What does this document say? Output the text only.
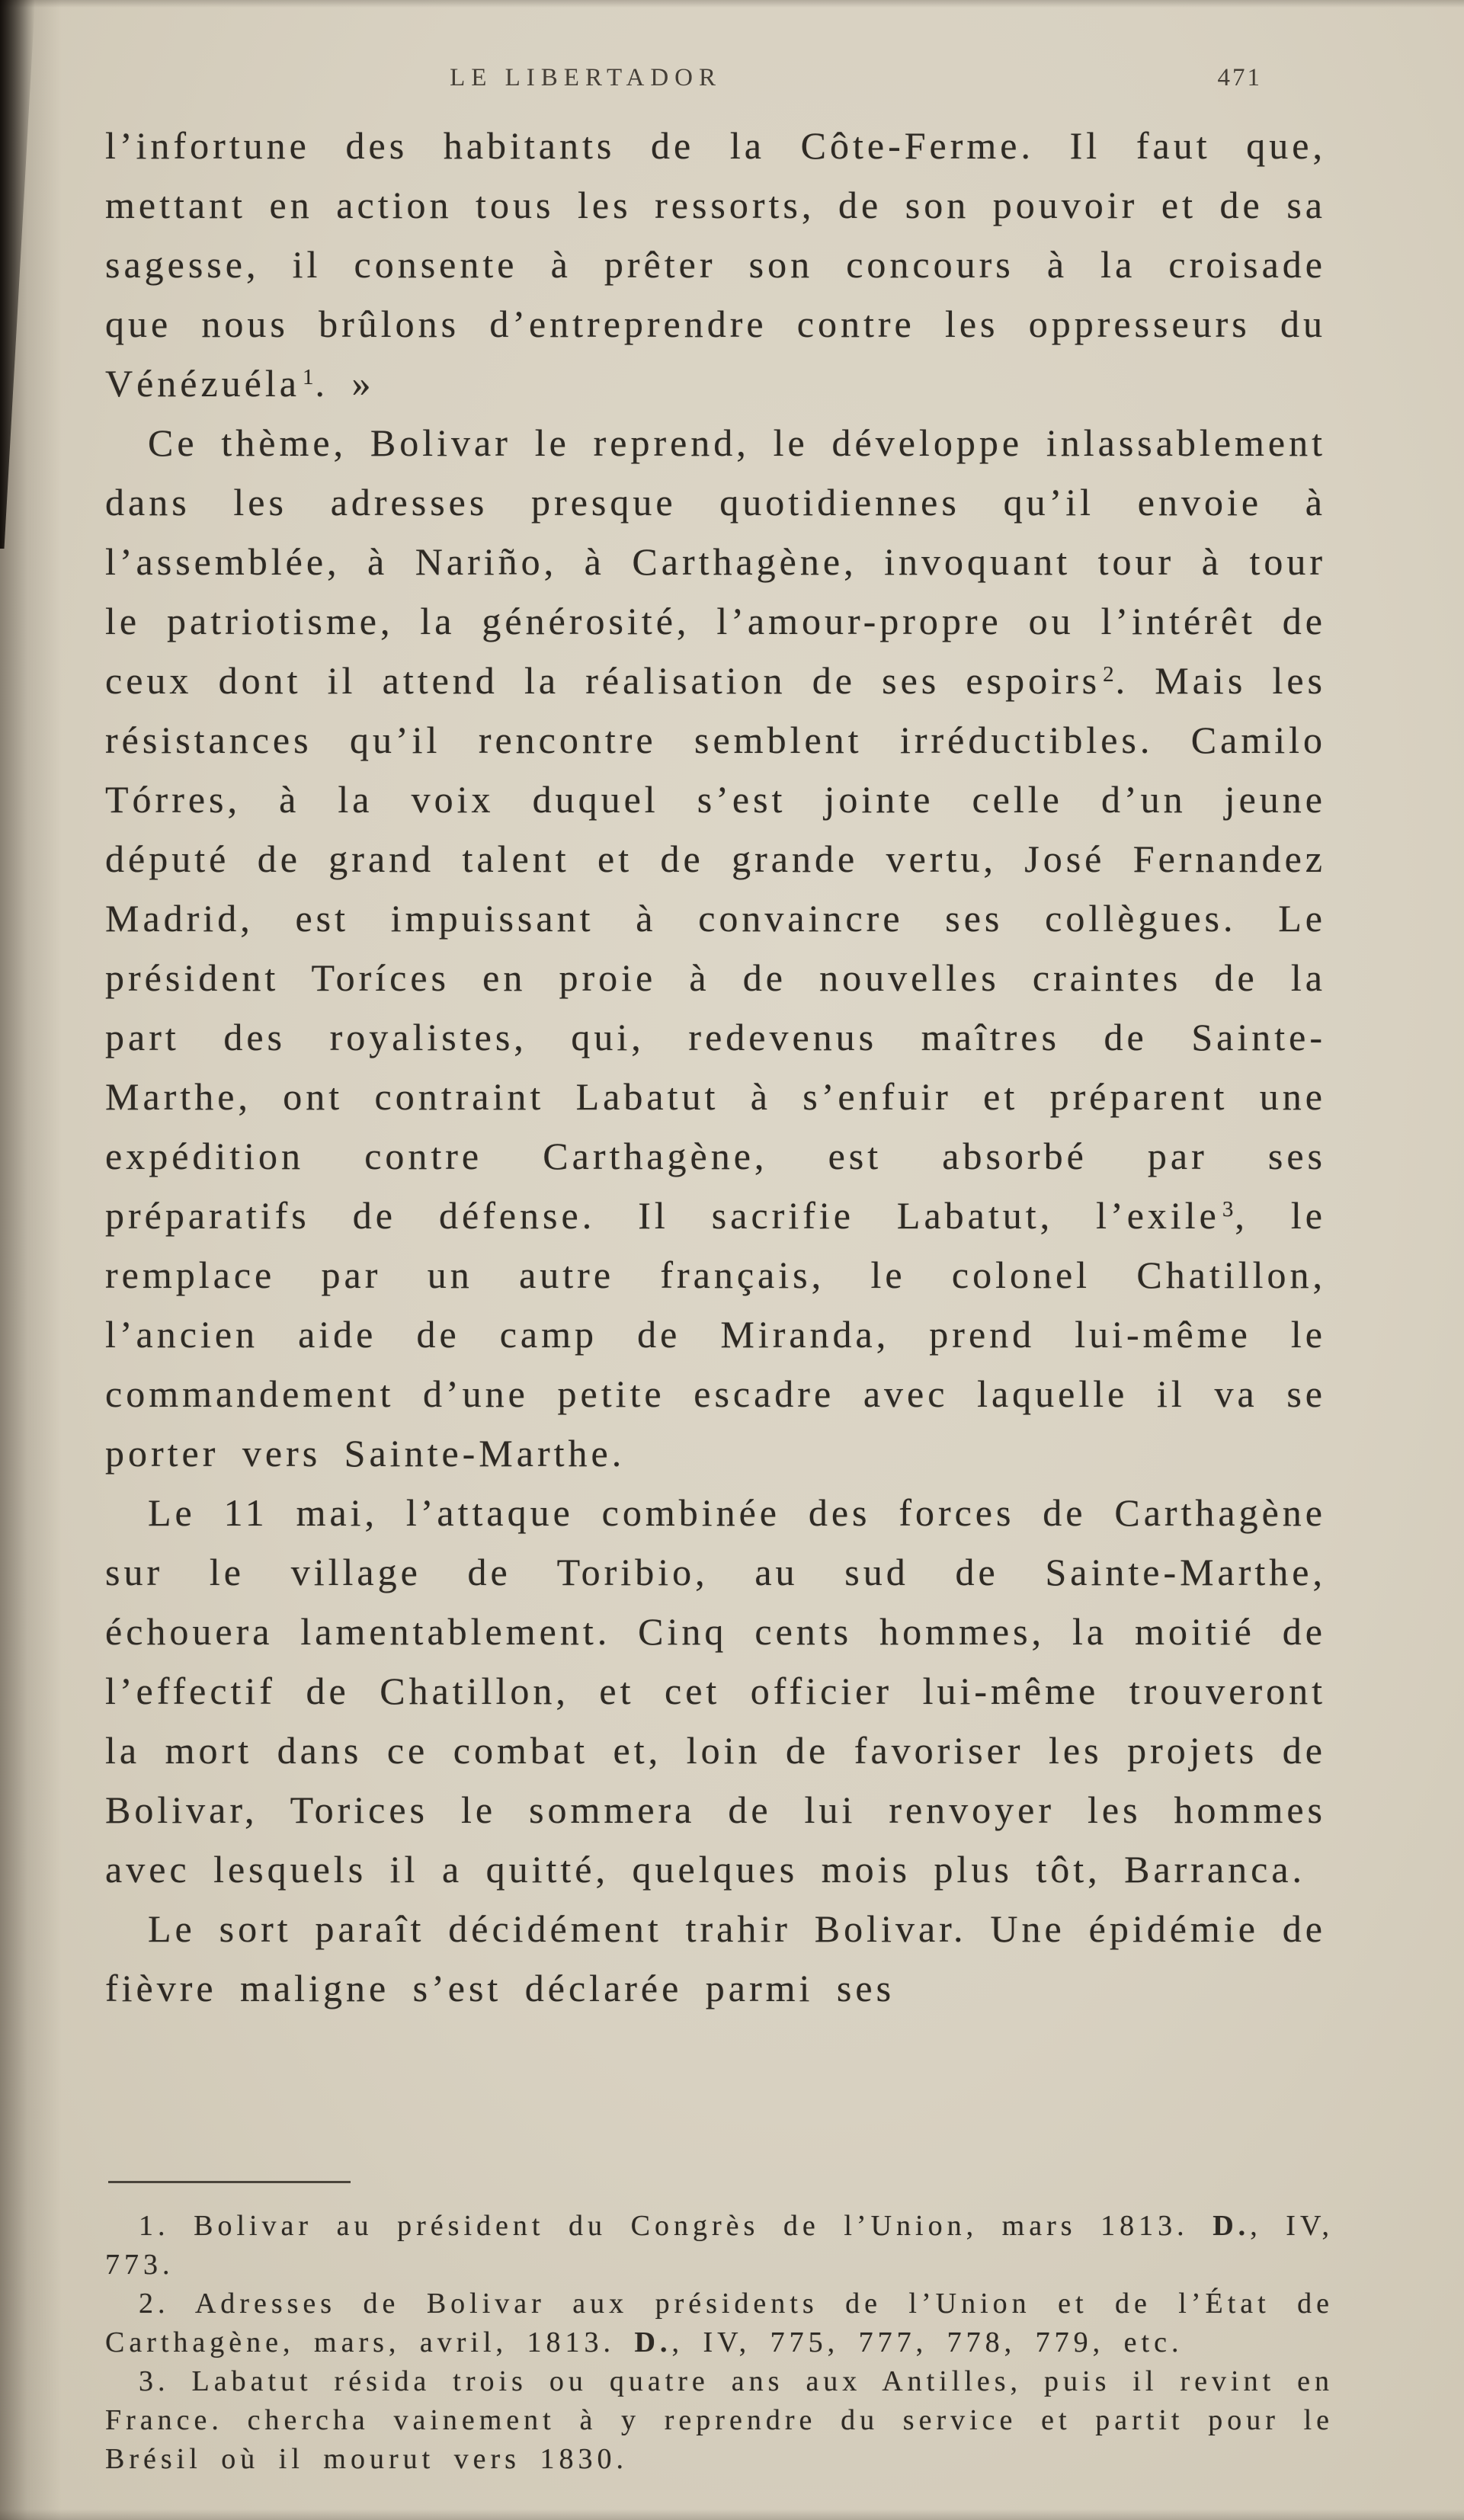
LE LIBERTADOR	471

l’infortune des habitants de la Côte-Ferme. Il faut que, mettant en action tous les ressorts, de son pouvoir et de sa sagesse, il consente à prêter son concours à la croisade que nous brûlons d’entreprendre contre les oppresseurs du Vénézuéla $^1$. »

Ce thème, Bolivar le reprend, le développe inlassablement dans les adresses presque quotidiennes qu’il envoie à l’assemblée, à Nariño, à Carthagène, invoquant tour à tour le patriotisme, la générosité, l’amour-propre ou l’intérêt de ceux dont il attend la réalisation de ses espoirs $^2$. Mais les résistances qu’il rencontre semblent irréductibles. Camilo Tórres, à la voix duquel s’est jointe celle d’un jeune député de grand talent et de grande vertu, José Fernandez Madrid, est impuissant à convaincre ses collègues. Le président Toríces en proie à de nouvelles craintes de la part des royalistes, qui, redevenus maîtres de Sainte-Marthe, ont contraint Labatut à s’enfuir et préparent une expédition contre Carthagène, est absorbé par ses préparatifs de défense. Il sacrifie Labatut, l’exile $^3$, le remplace par un autre français, le colonel Chatillon, l’ancien aide de camp de Miranda, prend lui-même le commandement d’une petite escadre avec laquelle il va se porter vers Sainte-Marthe.

Le 11 mai, l’attaque combinée des forces de Carthagène sur le village de Toribio, au sud de Sainte-Marthe, échouera lamentablement. Cinq cents hommes, la moitié de l’effectif de Chatillon, et cet officier lui-même trouveront la mort dans ce combat et, loin de favoriser les projets de Bolivar, Torices le sommera de lui renvoyer les hommes avec lesquels il a quitté, quelques mois plus tôt, Barranca.

Le sort paraît décidément trahir Bolivar. Une épidémie de fièvre maligne s’est déclarée parmi ses

1. Bolivar au président du Congrès de l’Union, mars 1813. D., IV, 773.

2. Adresses de Bolivar aux présidents de l’Union et de l’État de Carthagène, mars, avril, 1813. D., IV, 775, 777, 778, 779, etc.

3. Labatut résida trois ou quatre ans aux Antilles, puis il revint en France. chercha vainement à y reprendre du service et partit pour le Brésil où il mourut vers 1830.
